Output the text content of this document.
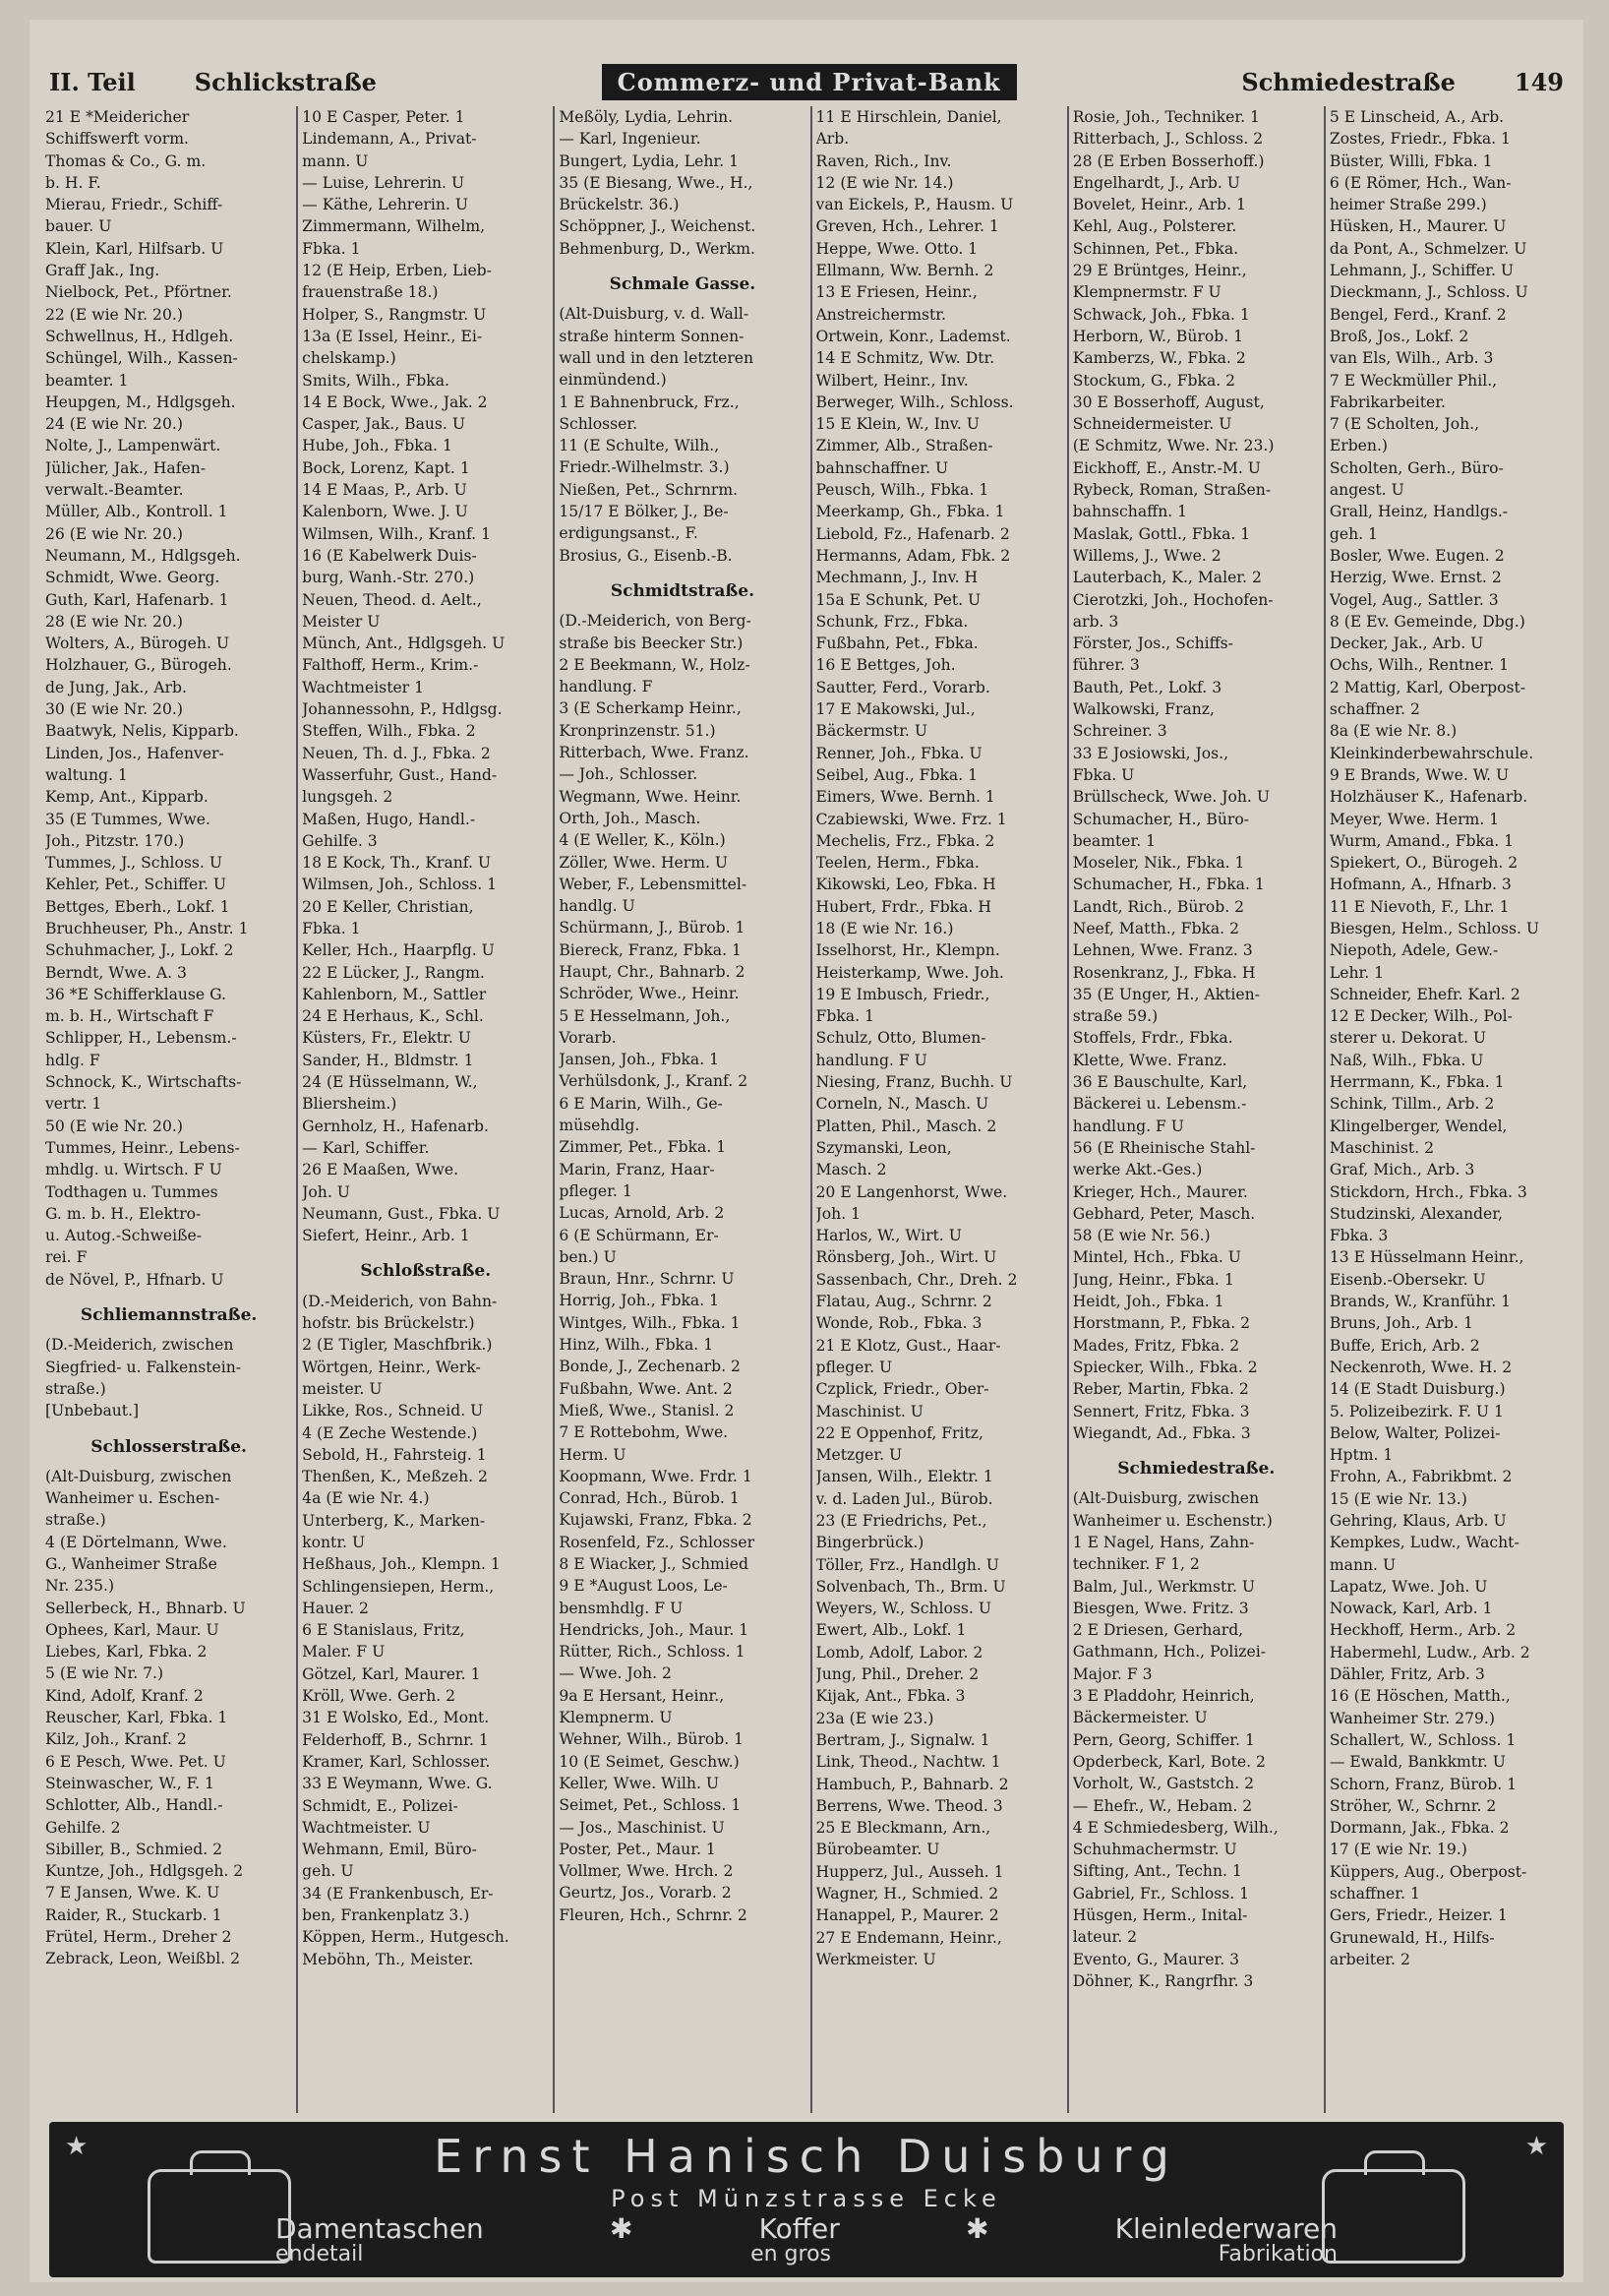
II. Teil	Schlickstraße	Commerz- und Privat-Bank	Schmiedestraße	149
21 E *Meidericher
Schiffswerft vorm.
Thomas & Co., G. m.
b. H. F.
Mierau, Friedr., Schiff-
bauer. U
Klein, Karl, Hilfsarb. U
Graff Jak., Ing.
Nielbock, Pet., Pförtner.
22 (E wie Nr. 20.)
Schwellnus, H., Hdlgeh.
Schüngel, Wilh., Kassen-
beamter. 1
Heupgen, M., Hdlgsgeh.
24 (E wie Nr. 20.)
Nolte, J., Lampenwärt.
Jülicher, Jak., Hafen-
verwalt.-Beamter.
Müller, Alb., Kontroll. 1
26 (E wie Nr. 20.)
Neumann, M., Hdlgsgeh.
Schmidt, Wwe. Georg.
Guth, Karl, Hafenarb. 1
28 (E wie Nr. 20.)
Wolters, A., Bürogeh. U
Holzhauer, G., Bürogeh.
de Jung, Jak., Arb.
30 (E wie Nr. 20.)
Baatwyk, Nelis, Kipparb.
Linden, Jos., Hafenver-
waltung. 1
Kemp, Ant., Kipparb.
35 (E Tummes, Wwe.
Joh., Pitzstr. 170.)
Tummes, J., Schloss. U
Kehler, Pet., Schiffer. U
Bettges, Eberh., Lokf. 1
Bruchheuser, Ph., Anstr. 1
Schuhmacher, J., Lokf. 2
Berndt, Wwe. A. 3
36 *E Schifferklause G.
m. b. H., Wirtschaft F
Schlipper, H., Lebensm.-
hdlg. F
Schnock, K., Wirtschafts-
vertr. 1
50 (E wie Nr. 20.)
Tummes, Heinr., Lebens-
mhdlg. u. Wirtsch. F U
Todthagen u. Tummes
G. m. b. H., Elektro-
u. Autog.-Schweiße-
rei. F
de Növel, P., Hfnarb. U
Schliemannstraße.
(D.-Meiderich, zwischen
Siegfried- u. Falkenstein-
straße.)
[Unbebaut.]
Schlosserstraße.
(Alt-Duisburg, zwischen
Wanheimer u. Eschen-
straße.)
4 (E Dörtelmann, Wwe.
G., Wanheimer Straße
Nr. 235.)
Sellerbeck, H., Bhnarb. U
Ophees, Karl, Maur. U
Liebes, Karl, Fbka. 2
5 (E wie Nr. 7.)
Kind, Adolf, Kranf. 2
Reuscher, Karl, Fbka. 1
Kilz, Joh., Kranf. 2
6 E Pesch, Wwe. Pet. U
Steinwascher, W., F. 1
Schlotter, Alb., Handl.-
Gehilfe. 2
Sibiller, B., Schmied. 2
Kuntze, Joh., Hdlgsgeh. 2
7 E Jansen, Wwe. K. U
Raider, R., Stuckarb. 1
Frütel, Herm., Dreher 2
Zebrack, Leon, Weißbl. 2
10 E Casper, Peter. 1
Lindemann, A., Privat-
mann. U
— Luise, Lehrerin. U
— Käthe, Lehrerin. U
Zimmermann, Wilhelm,
Fbka. 1
12 (E Heip, Erben, Lieb-
frauenstraße 18.)
Holper, S., Rangmstr. U
13a (E Issel, Heinr., Ei-
chelskamp.)
Smits, Wilh., Fbka.
14 E Bock, Wwe., Jak. 2
Casper, Jak., Baus. U
Hube, Joh., Fbka. 1
Bock, Lorenz, Kapt. 1
14 E Maas, P., Arb. U
Kalenborn, Wwe. J. U
Wilmsen, Wilh., Kranf. 1
16 (E Kabelwerk Duis-
burg, Wanh.-Str. 270.)
Neuen, Theod. d. Aelt.,
Meister U
Münch, Ant., Hdlgsgeh. U
Falthoff, Herm., Krim.-
Wachtmeister 1
Johannessohn, P., Hdlgsg.
Steffen, Wilh., Fbka. 2
Neuen, Th. d. J., Fbka. 2
Wasserfuhr, Gust., Hand-
lungsgeh. 2
Maßen, Hugo, Handl.-
Gehilfe. 3
18 E Kock, Th., Kranf. U
Wilmsen, Joh., Schloss. 1
20 E Keller, Christian,
Fbka. 1
Keller, Hch., Haarpflg. U
22 E Lücker, J., Rangm.
Kahlenborn, M., Sattler
24 E Herhaus, K., Schl.
Küsters, Fr., Elektr. U
Sander, H., Bldmstr. 1
24 (E Hüsselmann, W.,
Bliersheim.)
Gernholz, H., Hafenarb.
— Karl, Schiffer.
26 E Maaßen, Wwe.
Joh. U
Neumann, Gust., Fbka. U
Siefert, Heinr., Arb. 1
Schloßstraße.
(D.-Meiderich, von Bahn-
hofstr. bis Brückelstr.)
2 (E Tigler, Maschfbrik.)
Wörtgen, Heinr., Werk-
meister. U
Likke, Ros., Schneid. U
4 (E Zeche Westende.)
Sebold, H., Fahrsteig. 1
Thenßen, K., Meßzeh. 2
4a (E wie Nr. 4.)
Unterberg, K., Marken-
kontr. U
Heßhaus, Joh., Klempn. 1
Schlingensiepen, Herm.,
Hauer. 2
6 E Stanislaus, Fritz,
Maler. F U
Götzel, Karl, Maurer. 1
Kröll, Wwe. Gerh. 2
31 E Wolsko, Ed., Mont.
Felderhoff, B., Schrnr. 1
Kramer, Karl, Schlosser.
33 E Weymann, Wwe. G.
Schmidt, E., Polizei-
Wachtmeister. U
Wehmann, Emil, Büro-
geh. U
34 (E Frankenbusch, Er-
ben, Frankenplatz 3.)
Köppen, Herm., Hutgesch.
Meböhn, Th., Meister.
Meßöly, Lydia, Lehrin.
— Karl, Ingenieur.
Bungert, Lydia, Lehr. 1
35 (E Biesang, Wwe., H.,
Brückelstr. 36.)
Schöppner, J., Weichenst.
Behmenburg, D., Werkm.
Schmale Gasse.
(Alt-Duisburg, v. d. Wall-
straße hinterm Sonnen-
wall und in den letzteren
einmündend.)
1 E Bahnenbruck, Frz.,
Schlosser.
11 (E Schulte, Wilh.,
Friedr.-Wilhelmstr. 3.)
Nießen, Pet., Schrnrm.
15/17 E Bölker, J., Be-
erdigungsanst., F.
Brosius, G., Eisenb.-B.
Schmidtstraße.
(D.-Meiderich, von Berg-
straße bis Beecker Str.)
2 E Beekmann, W., Holz-
handlung. F
3 (E Scherkamp Heinr.,
Kronprinzenstr. 51.)
Ritterbach, Wwe. Franz.
— Joh., Schlosser.
Wegmann, Wwe. Heinr.
Orth, Joh., Masch.
4 (E Weller, K., Köln.)
Zöller, Wwe. Herm. U
Weber, F., Lebensmittel-
handlg. U
Schürmann, J., Bürob. 1
Biereck, Franz, Fbka. 1
Haupt, Chr., Bahnarb. 2
Schröder, Wwe., Heinr.
5 E Hesselmann, Joh.,
Vorarb.
Jansen, Joh., Fbka. 1
Verhülsdonk, J., Kranf. 2
6 E Marin, Wilh., Ge-
müsehdlg.
Zimmer, Pet., Fbka. 1
Marin, Franz, Haar-
pfleger. 1
Lucas, Arnold, Arb. 2
6 (E Schürmann, Er-
ben.) U
Braun, Hnr., Schrnr. U
Horrig, Joh., Fbka. 1
Wintges, Wilh., Fbka. 1
Hinz, Wilh., Fbka. 1
Bonde, J., Zechenarb. 2
Fußbahn, Wwe. Ant. 2
Mieß, Wwe., Stanisl. 2
7 E Rottebohm, Wwe.
Herm. U
Koopmann, Wwe. Frdr. 1
Conrad, Hch., Bürob. 1
Kujawski, Franz, Fbka. 2
Rosenfeld, Fz., Schlosser
8 E Wiacker, J., Schmied
9 E *August Loos, Le-
bensmhdlg. F U
Hendricks, Joh., Maur. 1
Rütter, Rich., Schloss. 1
— Wwe. Joh. 2
9a E Hersant, Heinr.,
Klempnerm. U
Wehner, Wilh., Bürob. 1
10 (E Seimet, Geschw.)
Keller, Wwe. Wilh. U
Seimet, Pet., Schloss. 1
— Jos., Maschinist. U
Poster, Pet., Maur. 1
Vollmer, Wwe. Hrch. 2
Geurtz, Jos., Vorarb. 2
Fleuren, Hch., Schrnr. 2
11 E Hirschlein, Daniel,
Arb.
Raven, Rich., Inv.
12 (E wie Nr. 14.)
van Eickels, P., Hausm. U
Greven, Hch., Lehrer. 1
Heppe, Wwe. Otto. 1
Ellmann, Ww. Bernh. 2
13 E Friesen, Heinr.,
Anstreichermstr.
Ortwein, Konr., Lademst.
14 E Schmitz, Ww. Dtr.
Wilbert, Heinr., Inv.
Berweger, Wilh., Schloss.
15 E Klein, W., Inv. U
Zimmer, Alb., Straßen-
bahnschaffner. U
Peusch, Wilh., Fbka. 1
Meerkamp, Gh., Fbka. 1
Liebold, Fz., Hafenarb. 2
Hermanns, Adam, Fbk. 2
Mechmann, J., Inv. H
15a E Schunk, Pet. U
Schunk, Frz., Fbka.
Fußbahn, Pet., Fbka.
16 E Bettges, Joh.
Sautter, Ferd., Vorarb.
17 E Makowski, Jul.,
Bäckermstr. U
Renner, Joh., Fbka. U
Seibel, Aug., Fbka. 1
Eimers, Wwe. Bernh. 1
Czabiewski, Wwe. Frz. 1
Mechelis, Frz., Fbka. 2
Teelen, Herm., Fbka.
Kikowski, Leo, Fbka. H
Hubert, Frdr., Fbka. H
18 (E wie Nr. 16.)
Isselhorst, Hr., Klempn.
Heisterkamp, Wwe. Joh.
19 E Imbusch, Friedr.,
Fbka. 1
Schulz, Otto, Blumen-
handlung. F U
Niesing, Franz, Buchh. U
Corneln, N., Masch. U
Platten, Phil., Masch. 2
Szymanski, Leon,
Masch. 2
20 E Langenhorst, Wwe.
Joh. 1
Harlos, W., Wirt. U
Rönsberg, Joh., Wirt. U
Sassenbach, Chr., Dreh. 2
Flatau, Aug., Schrnr. 2
Wonde, Rob., Fbka. 3
21 E Klotz, Gust., Haar-
pfleger. U
Czplick, Friedr., Ober-
Maschinist. U
22 E Oppenhof, Fritz,
Metzger. U
Jansen, Wilh., Elektr. 1
v. d. Laden Jul., Bürob.
23 (E Friedrichs, Pet.,
Bingerbrück.)
Töller, Frz., Handlgh. U
Solvenbach, Th., Brm. U
Weyers, W., Schloss. U
Ewert, Alb., Lokf. 1
Lomb, Adolf, Labor. 2
Jung, Phil., Dreher. 2
Kijak, Ant., Fbka. 3
23a (E wie 23.)
Bertram, J., Signalw. 1
Link, Theod., Nachtw. 1
Hambuch, P., Bahnarb. 2
Berrens, Wwe. Theod. 3
25 E Bleckmann, Arn.,
Bürobeamter. U
Hupperz, Jul., Ausseh. 1
Wagner, H., Schmied. 2
Hanappel, P., Maurer. 2
27 E Endemann, Heinr.,
Werkmeister. U
Rosie, Joh., Techniker. 1
Ritterbach, J., Schloss. 2
28 (E Erben Bosserhoff.)
Engelhardt, J., Arb. U
Bovelet, Heinr., Arb. 1
Kehl, Aug., Polsterer.
Schinnen, Pet., Fbka.
29 E Brüntges, Heinr.,
Klempnermstr. F U
Schwack, Joh., Fbka. 1
Herborn, W., Bürob. 1
Kamberzs, W., Fbka. 2
Stockum, G., Fbka. 2
30 E Bosserhoff, August,
Schneidermeister. U
(E Schmitz, Wwe. Nr. 23.)
Eickhoff, E., Anstr.-M. U
Rybeck, Roman, Straßen-
bahnschaffn. 1
Maslak, Gottl., Fbka. 1
Willems, J., Wwe. 2
Lauterbach, K., Maler. 2
Cierotzki, Joh., Hochofen-
arb. 3
Förster, Jos., Schiffs-
führer. 3
Bauth, Pet., Lokf. 3
Walkowski, Franz,
Schreiner. 3
33 E Josiowski, Jos.,
Fbka. U
Brüllscheck, Wwe. Joh. U
Schumacher, H., Büro-
beamter. 1
Moseler, Nik., Fbka. 1
Schumacher, H., Fbka. 1
Landt, Rich., Bürob. 2
Neef, Matth., Fbka. 2
Lehnen, Wwe. Franz. 3
Rosenkranz, J., Fbka. H
35 (E Unger, H., Aktien-
straße 59.)
Stoffels, Frdr., Fbka.
Klette, Wwe. Franz.
36 E Bauschulte, Karl,
Bäckerei u. Lebensm.-
handlung. F U
56 (E Rheinische Stahl-
werke Akt.-Ges.)
Krieger, Hch., Maurer.
Gebhard, Peter, Masch.
58 (E wie Nr. 56.)
Mintel, Hch., Fbka. U
Jung, Heinr., Fbka. 1
Heidt, Joh., Fbka. 1
Horstmann, P., Fbka. 2
Mades, Fritz, Fbka. 2
Spiecker, Wilh., Fbka. 2
Reber, Martin, Fbka. 2
Sennert, Fritz, Fbka. 3
Wiegandt, Ad., Fbka. 3
Schmiedestraße.
(Alt-Duisburg, zwischen
Wanheimer u. Eschenstr.)
1 E Nagel, Hans, Zahn-
techniker. F 1, 2
Balm, Jul., Werkmstr. U
Biesgen, Wwe. Fritz. 3
2 E Driesen, Gerhard,
Gathmann, Hch., Polizei-
Major. F 3
3 E Pladdohr, Heinrich,
Bäckermeister. U
Pern, Georg, Schiffer. 1
Opderbeck, Karl, Bote. 2
Vorholt, W., Gaststch. 2
— Ehefr., W., Hebam. 2
4 E Schmiedesberg, Wilh.,
Schuhmachermstr. U
Sifting, Ant., Techn. 1
Gabriel, Fr., Schloss. 1
Hüsgen, Herm., Inital-
lateur. 2
Evento, G., Maurer. 3
Döhner, K., Rangrfhr. 3
5 E Linscheid, A., Arb.
Zostes, Friedr., Fbka. 1
Büster, Willi, Fbka. 1
6 (E Römer, Hch., Wan-
heimer Straße 299.)
Hüsken, H., Maurer. U
da Pont, A., Schmelzer. U
Lehmann, J., Schiffer. U
Dieckmann, J., Schloss. U
Bengel, Ferd., Kranf. 2
Broß, Jos., Lokf. 2
van Els, Wilh., Arb. 3
7 E Weckmüller Phil.,
Fabrikarbeiter.
7 (E Scholten, Joh.,
Erben.)
Scholten, Gerh., Büro-
angest. U
Grall, Heinz, Handlgs.-
geh. 1
Bosler, Wwe. Eugen. 2
Herzig, Wwe. Ernst. 2
Vogel, Aug., Sattler. 3
8 (E Ev. Gemeinde, Dbg.)
Decker, Jak., Arb. U
Ochs, Wilh., Rentner. 1
2 Mattig, Karl, Oberpost-
schaffner. 2
8a (E wie Nr. 8.)
Kleinkinderbewahrschule.
9 E Brands, Wwe. W. U
Holzhäuser K., Hafenarb.
Meyer, Wwe. Herm. 1
Wurm, Amand., Fbka. 1
Spiekert, O., Bürogeh. 2
Hofmann, A., Hfnarb. 3
11 E Nievoth, F., Lhr. 1
Biesgen, Helm., Schloss. U
Niepoth, Adele, Gew.-
Lehr. 1
Schneider, Ehefr. Karl. 2
12 E Decker, Wilh., Pol-
sterer u. Dekorat. U
Naß, Wilh., Fbka. U
Herrmann, K., Fbka. 1
Schink, Tillm., Arb. 2
Klingelberger, Wendel,
Maschinist. 2
Graf, Mich., Arb. 3
Stickdorn, Hrch., Fbka. 3
Studzinski, Alexander,
Fbka. 3
13 E Hüsselmann Heinr.,
Eisenb.-Obersekr. U
Brands, W., Kranführ. 1
Bruns, Joh., Arb. 1
Buffe, Erich, Arb. 2
Neckenroth, Wwe. H. 2
14 (E Stadt Duisburg.)
5. Polizeibezirk. F. U 1
Below, Walter, Polizei-
Hptm. 1
Frohn, A., Fabrikbmt. 2
15 (E wie Nr. 13.)
Gehring, Klaus, Arb. U
Kempkes, Ludw., Wacht-
mann. U
Lapatz, Wwe. Joh. U
Nowack, Karl, Arb. 1
Heckhoff, Herm., Arb. 2
Habermehl, Ludw., Arb. 2
Dähler, Fritz, Arb. 3
16 (E Höschen, Matth.,
Wanheimer Str. 279.)
Schallert, W., Schloss. 1
— Ewald, Bankkmtr. U
Schorn, Franz, Bürob. 1
Ströher, W., Schrnr. 2
Dormann, Jak., Fbka. 2
17 (E wie Nr. 19.)
Küppers, Aug., Oberpost-
schaffner. 1
Gers, Friedr., Heizer. 1
Grunewald, H., Hilfs-
arbeiter. 2
★	★
Ernst Hanisch Duisburg
Post Münzstrasse Ecke
Damentaschen	✱	Koffer	✱	Kleinlederwaren
endetail	en gros	Fabrikation
